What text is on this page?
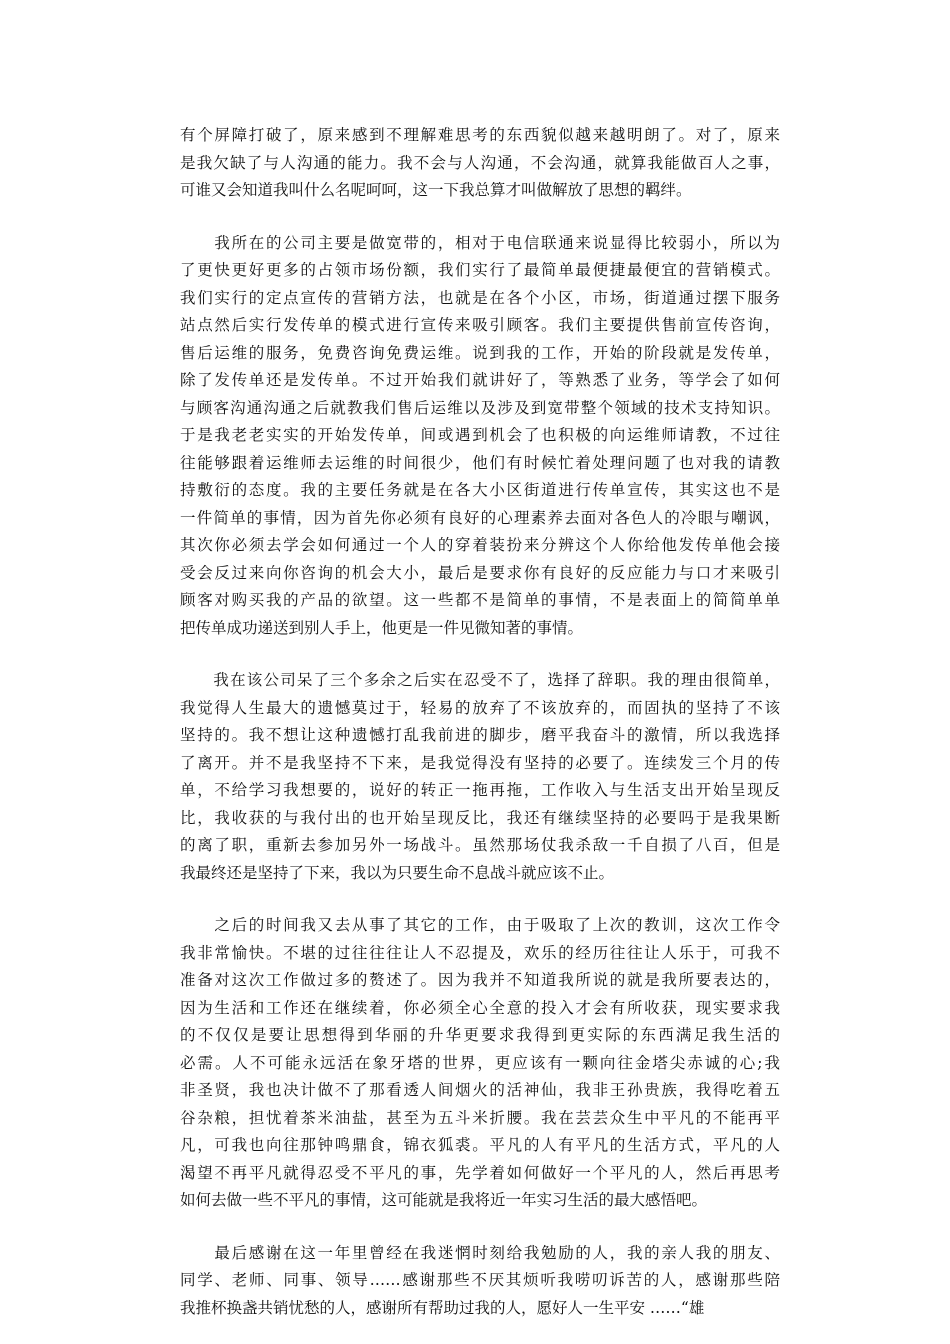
有个屏障打破了，原来感到不理解难思考的东西貌似越来越明朗了。对了，原来
是我欠缺了与人沟通的能力。我不会与人沟通，不会沟通，就算我能做百人之事，
可谁又会知道我叫什么名呢呵呵，这一下我总算才叫做解放了思想的羁绊。
　　我所在的公司主要是做宽带的，相对于电信联通来说显得比较弱小，所以为
了更快更好更多的占领市场份额，我们实行了最简单最便捷最便宜的营销模式。
我们实行的定点宣传的营销方法，也就是在各个小区，市场，街道通过摆下服务
站点然后实行发传单的模式进行宣传来吸引顾客。我们主要提供售前宣传咨询，
售后运维的服务，免费咨询免费运维。说到我的工作，开始的阶段就是发传单，
除了发传单还是发传单。不过开始我们就讲好了，等熟悉了业务，等学会了如何
与顾客沟通沟通之后就教我们售后运维以及涉及到宽带整个领域的技术支持知识。
于是我老老实实的开始发传单，间或遇到机会了也积极的向运维师请教，不过往
往能够跟着运维师去运维的时间很少，他们有时候忙着处理问题了也对我的请教
持敷衍的态度。我的主要任务就是在各大小区街道进行传单宣传，其实这也不是
一件简单的事情，因为首先你必须有良好的心理素养去面对各色人的冷眼与嘲讽，
其次你必须去学会如何通过一个人的穿着装扮来分辨这个人你给他发传单他会接
受会反过来向你咨询的机会大小，最后是要求你有良好的反应能力与口才来吸引
顾客对购买我的产品的欲望。这一些都不是简单的事情，不是表面上的简简单单
把传单成功递送到别人手上，他更是一件见微知著的事情。
　　我在该公司呆了三个多余之后实在忍受不了，选择了辞职。我的理由很简单，
我觉得人生最大的遗憾莫过于，轻易的放弃了不该放弃的，而固执的坚持了不该
坚持的。我不想让这种遗憾打乱我前进的脚步，磨平我奋斗的激情，所以我选择
了离开。并不是我坚持不下来，是我觉得没有坚持的必要了。连续发三个月的传
单，不给学习我想要的，说好的转正一拖再拖，工作收入与生活支出开始呈现反
比，我收获的与我付出的也开始呈现反比，我还有继续坚持的必要吗于是我果断
的离了职，重新去参加另外一场战斗。虽然那场仗我杀敌一千自损了八百，但是
我最终还是坚持了下来，我以为只要生命不息战斗就应该不止。
　　之后的时间我又去从事了其它的工作，由于吸取了上次的教训，这次工作令
我非常愉快。不堪的过往往往让人不忍提及，欢乐的经历往往让人乐于，可我不
准备对这次工作做过多的赘述了。因为我并不知道我所说的就是我所要表达的，
因为生活和工作还在继续着，你必须全心全意的投入才会有所收获，现实要求我
的不仅仅是要让思想得到华丽的升华更要求我得到更实际的东西满足我生活的
必需。人不可能永远活在象牙塔的世界，更应该有一颗向往金塔尖赤诚的心;我
非圣贤，我也决计做不了那看透人间烟火的活神仙，我非王孙贵族，我得吃着五
谷杂粮，担忧着茶米油盐，甚至为五斗米折腰。我在芸芸众生中平凡的不能再平
凡，可我也向往那钟鸣鼎食，锦衣狐裘。平凡的人有平凡的生活方式，平凡的人
渴望不再平凡就得忍受不平凡的事，先学着如何做好一个平凡的人，然后再思考
如何去做一些不平凡的事情，这可能就是我将近一年实习生活的最大感悟吧。
　　最后感谢在这一年里曾经在我迷惘时刻给我勉励的人，我的亲人我的朋友、
同学、老师、同事、领导……感谢那些不厌其烦听我唠叨诉苦的人，感谢那些陪
我推杯换盏共销忧愁的人，感谢所有帮助过我的人，愿好人一生平安 ……“雄
